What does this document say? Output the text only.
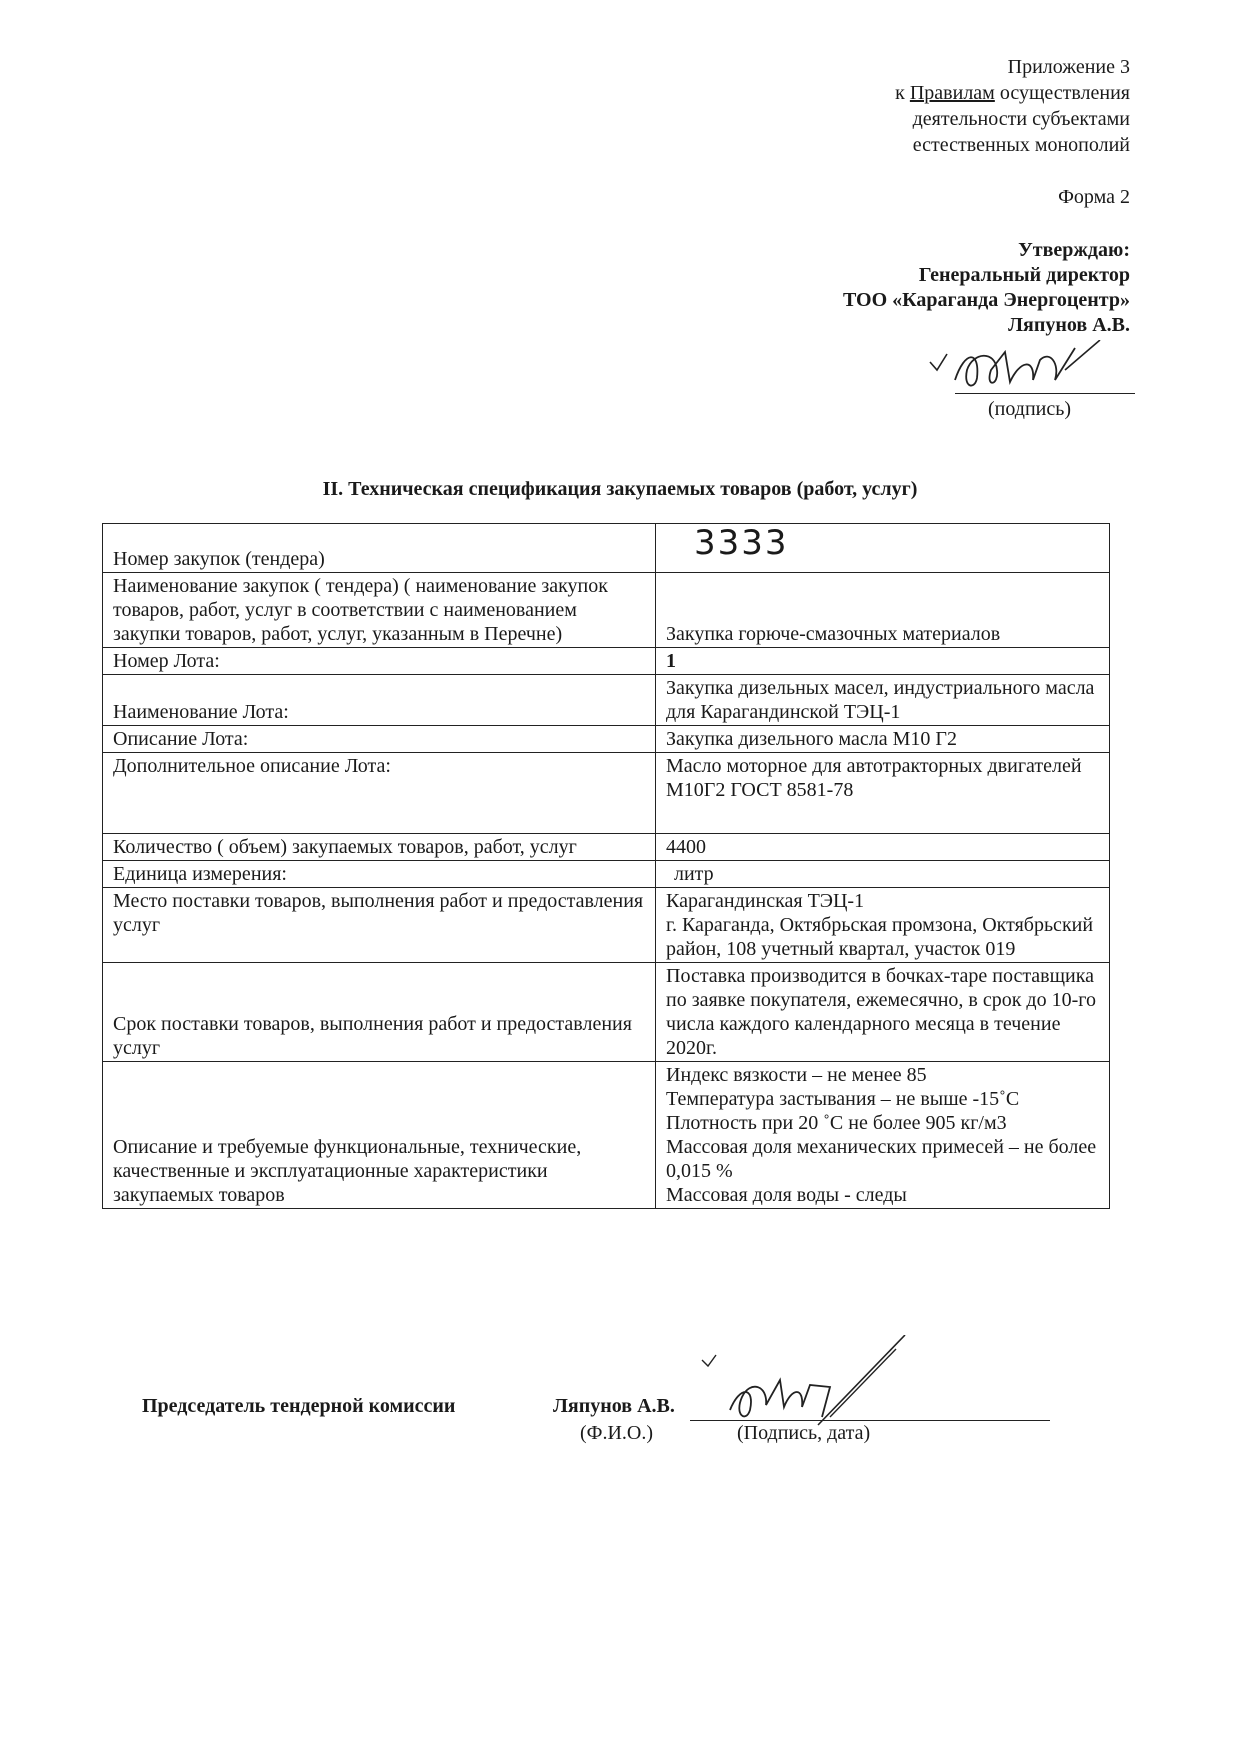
Приложение 3
к Правилам осуществления
деятельности субъектами
естественных монополий
Форма 2
Утверждаю:
Генеральный директор
ТОО «Караганда Энергоцентр»
Ляпунов А.В.
(подпись)
II. Техническая спецификация закупаемых товаров (работ, услуг)
Номер закупок (тендера)	3333
Наименование закупок ( тендера) ( наименование закупок товаров, работ, услуг в соответствии с наименованием закупки товаров, работ, услуг, указанным в Перечне)	Закупка горюче-смазочных материалов
Номер Лота:	1
Наименование Лота:	Закупка дизельных масел, индустриального масла для Карагандинской ТЭЦ-1
Описание Лота:	Закупка дизельного масла М10 Г2
Дополнительное описание Лота:	Масло моторное для автотракторных двигателей М10Г2 ГОСТ 8581-78
Количество ( объем) закупаемых товаров, работ, услуг	4400
Единица измерения:	литр
Место поставки товаров, выполнения работ и предоставления услуг	Карагандинская ТЭЦ-1
г. Караганда, Октябрьская промзона, Октябрьский район, 108 учетный квартал, участок 019

Срок поставки товаров, выполнения работ и предоставления услуг	Поставка производится в бочках-таре поставщика по заявке покупателя, ежемесячно, в срок до 10-го числа каждого календарного месяца в течение 2020г.
Описание и требуемые функциональные, технические, качественные и эксплуатационные характеристики закупаемых товаров	Индекс вязкости – не менее 85
Температура застывания – не выше -15˚С
Плотность при 20 ˚С не более 905 кг/м3
Массовая доля механических примесей – не более 0,015 %
Массовая доля воды - следы
Председатель тендерной комиссии	Ляпунов А.В.
(Ф.И.О.)	(Подпись, дата)
